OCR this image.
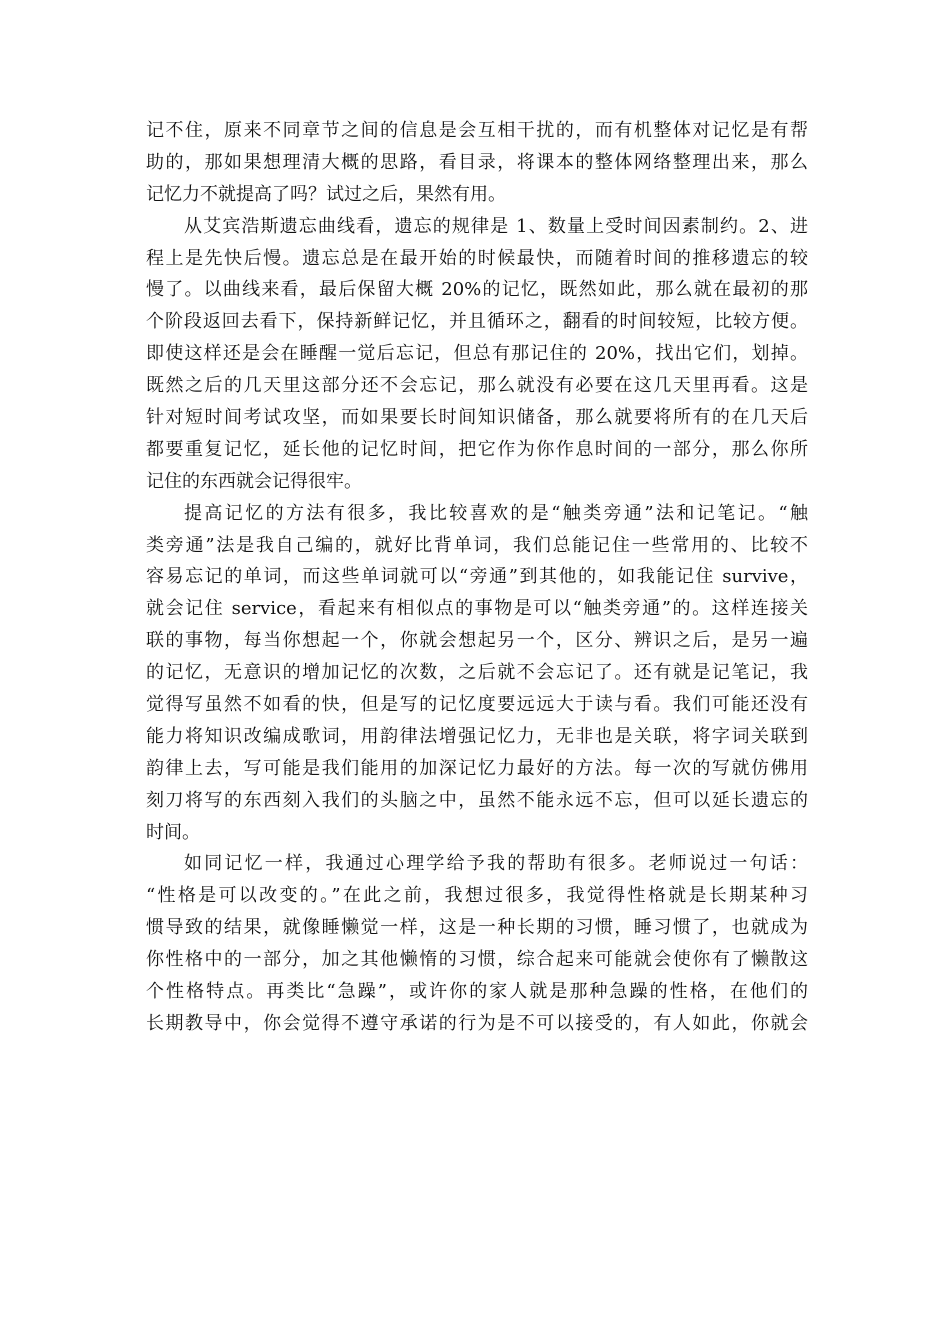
记不住，原来不同章节之间的信息是会互相干扰的，而有机整体对记忆是有帮
助的，那如果想理清大概的思路，看目录，将课本的整体网络整理出来，那么
记忆力不就提高了吗？试过之后，果然有用。
从艾宾浩斯遗忘曲线看，遗忘的规律是 1、数量上受时间因素制约。2、进
程上是先快后慢。遗忘总是在最开始的时候最快，而随着时间的推移遗忘的较
慢了。以曲线来看，最后保留大概 20%的记忆，既然如此，那么就在最初的那
个阶段返回去看下，保持新鲜记忆，并且循环之，翻看的时间较短，比较方便。
即使这样还是会在睡醒一觉后忘记，但总有那记住的 20%，找出它们，划掉。
既然之后的几天里这部分还不会忘记，那么就没有必要在这几天里再看。这是
针对短时间考试攻坚，而如果要长时间知识储备，那么就要将所有的在几天后
都要重复记忆，延长他的记忆时间，把它作为你作息时间的一部分，那么你所
记住的东西就会记得很牢。
提高记忆的方法有很多，我比较喜欢的是“触类旁通”法和记笔记。“触
类旁通”法是我自己编的，就好比背单词，我们总能记住一些常用的、比较不
容易忘记的单词，而这些单词就可以“旁通”到其他的，如我能记住 survive，
就会记住 service，看起来有相似点的事物是可以“触类旁通”的。这样连接关
联的事物，每当你想起一个，你就会想起另一个，区分、辨识之后，是另一遍
的记忆，无意识的增加记忆的次数，之后就不会忘记了。还有就是记笔记，我
觉得写虽然不如看的快，但是写的记忆度要远远大于读与看。我们可能还没有
能力将知识改编成歌词，用韵律法增强记忆力，无非也是关联，将字词关联到
韵律上去，写可能是我们能用的加深记忆力最好的方法。每一次的写就仿佛用
刻刀将写的东西刻入我们的头脑之中，虽然不能永远不忘，但可以延长遗忘的
时间。
如同记忆一样，我通过心理学给予我的帮助有很多。老师说过一句话：
“性格是可以改变的。”在此之前，我想过很多，我觉得性格就是长期某种习
惯导致的结果，就像睡懒觉一样，这是一种长期的习惯，睡习惯了，也就成为
你性格中的一部分，加之其他懒惰的习惯，综合起来可能就会使你有了懒散这
个性格特点。再类比“急躁”，或许你的家人就是那种急躁的性格，在他们的
长期教导中，你会觉得不遵守承诺的行为是不可以接受的，有人如此，你就会
